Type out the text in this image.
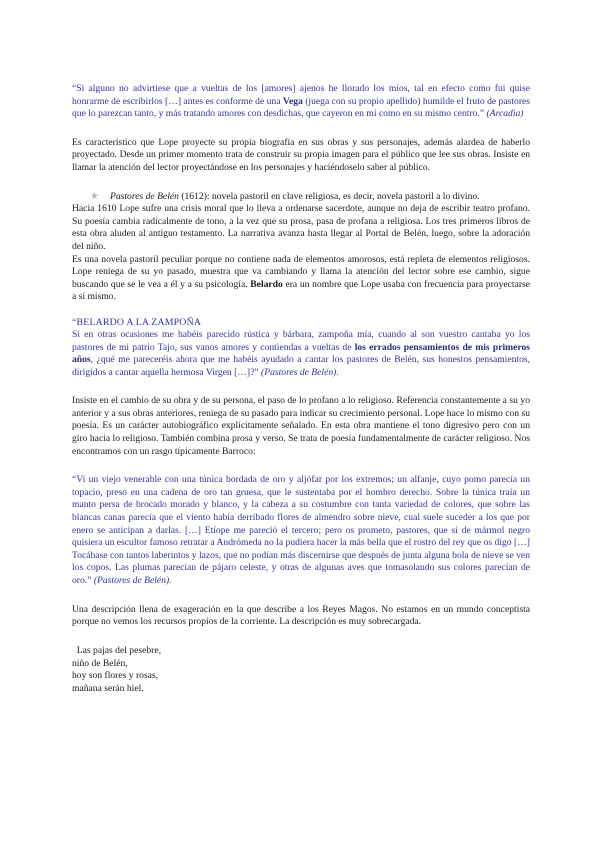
“Si alguno no advirtiese que a vueltas de los [amores] ajenos he llorado los míos, tal en efecto como fui quise honrarme de escribirlos […] antes es conforme de una Vega (juega con su propio apellido) humilde el fruto de pastores que lo parezcan tanto, y más tratando amores con desdichas, que cayeron en mí como en su mismo centro.” (Arcadia)

Es característico que Lope proyecte su propia biografía en sus obras y sus personajes, además alardea de haberlo proyectado. Desde un primer momento trata de construir su propia imagen para el público que lee sus obras. Insiste en llamar la atención del lector proyectándose en los personajes y haciéndoselo saber al público.

★	Pastores de Belén (1612): novela pastoril en clave religiosa, es decir, novela pastoril a lo divino.

Hacia 1610 Lope sufre una crisis moral que lo lleva a ordenarse sacerdote, aunque no deja de escribir teatro profano. Su poesía cambia radicalmente de tono, a la vez que su prosa, pasa de profana a religiosa. Los tres primeros libros de esta obra aluden al antiguo testamento. La narrativa avanza hasta llegar al Portal de Belén, luego, sobre la adoración del niño.

Es una novela pastoril peculiar porque no contiene nada de elementos amorosos, está repleta de elementos religiosos. Lope reniega de su yo pasado, muestra que va cambiando y llama la atención del lector sobre ese cambio, sigue buscando que se le vea a él y a su psicología. Belardo era un nombre que Lope usaba con frecuencia para proyectarse a sí mismo.

“BELARDO A LA ZAMPOÑA

Si en otras ocasiones me habéis parecido rústica y bárbara, zampoña mía, cuando al son vuestro cantaba yo los pastores de mi patrio Tajo, sus vanos amores y contiendas a vueltas de los errados pensamientos de mis primeros años, ¿qué me pareceréis ahora que me habéis ayudado a cantar los pastores de Belén, sus honestos pensamientos, dirigidos a cantar aquella hermosa Virgen […]?” (Pastores de Belén).

Insiste en el cambio de su obra y de su persona, el paso de lo profano a lo religioso. Referencia constantemente a su yo anterior y a sus obras anteriores, reniega de su pasado para indicar su crecimiento personal. Lope hace lo mismo con su poesía. Es un carácter autobiográfico explícitamente señalado. En esta obra mantiene el tono digresivo pero con un giro hacia lo religioso. También combina prosa y verso. Se trata de poesía fundamentalmente de carácter religioso. Nos encontramos con un rasgo típicamente Barroco:

“Vi un viejo venerable con una túnica bordada de oro y aljófar por los extremos; un alfanje, cuyo pomo parecía un topacio, preso en una cadena de oro tan gruesa, que le sustentaba por el hombro derecho. Sobre la túnica traía un manto persa de brocado morado y blanco, y la cabeza a su costumbre con tanta variedad de colores, que sobre las blancas canas parecía que el viento había derribado flores de almendro sobre nieve, cual suele suceder a los que por enero se anticipan a darlas. […] Etíope me pareció el tercero; pero os prometo, pastores, que si de mármol negro quisiera un escultor famoso retratar a Andrómeda no la pudiera hacer la más bella que el rostro del rey que os digo […] Tocábase con tantos laberintos y lazos, que no podían más discernirse que después de junta alguna bola de nieve se ven los copos. Las plumas parecían de pájaro celeste, y otras de algunas aves que tomasolando sus colores parecían de oro.” (Pastores de Belén).

Una descripción llena de exageración en la que describe a los Reyes Magos. No estamos en un mundo conceptista porque no vemos los recursos propios de la corriente. La descripción es muy sobrecargada.

Las pajas del pesebre,

niño de Belén,

hoy son flores y rosas,

mañana serán hiel.
